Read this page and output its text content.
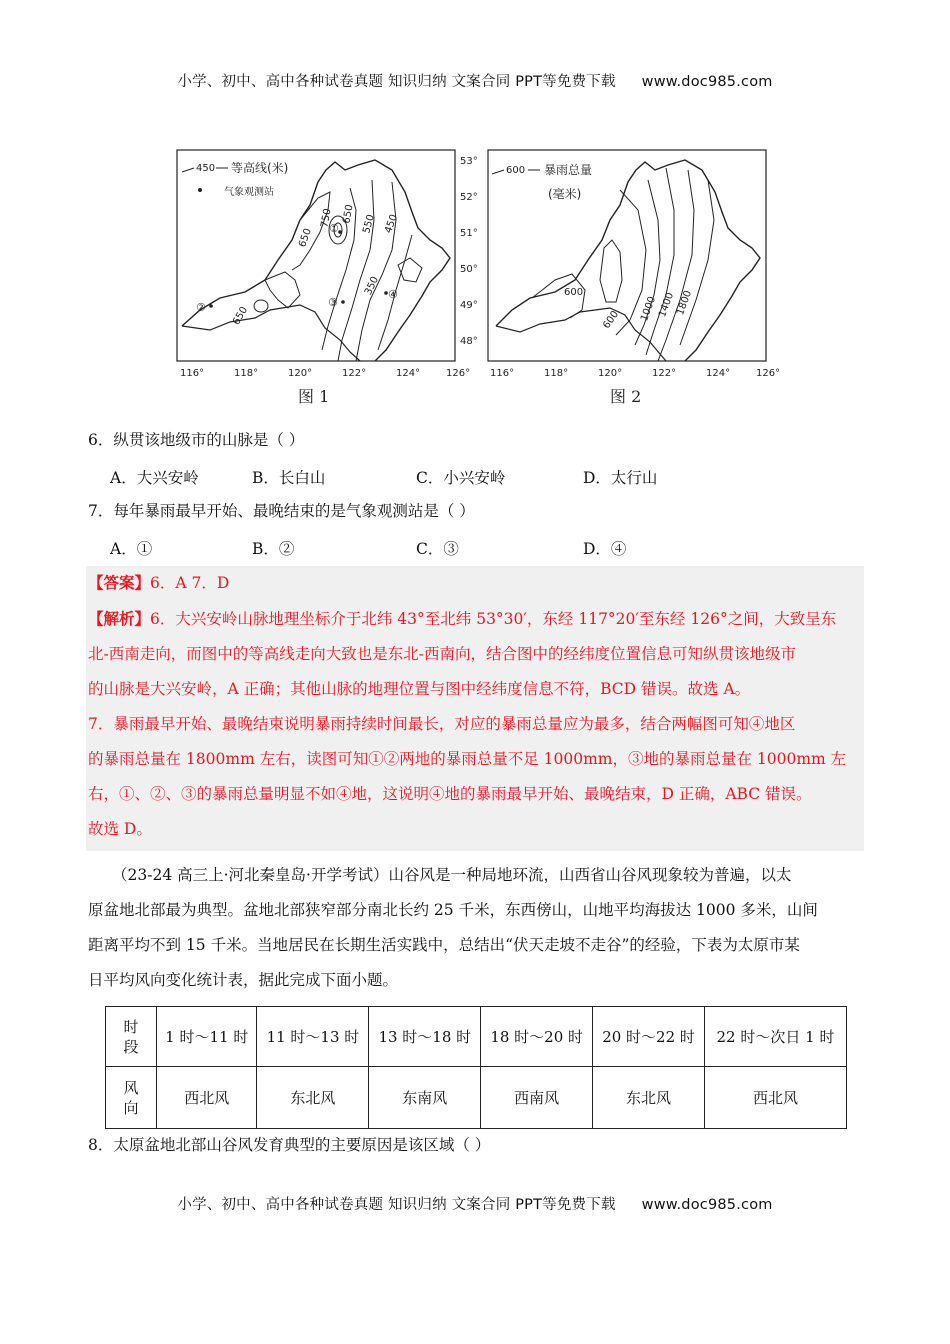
小学、初中、高中各种试卷真题 知识归纳 文案合同 PPT等免费下载 www.doc985.com
450 等高线(米)
气象观测站
750
650
650 550 450
350
650
①
②	③
④
600 暴雨总量
(毫米)
600
600 1000
1400
1800
116°	118°	120°	122°	124°	126° 116°	118°	120°	122°	124°	126°
53°
52°
51°
50°
49°
48°
图 1	图 2
6．纵贯该地级市的山脉是（ ）
A．大兴安岭	B．长白山	C．小兴安岭	D．太行山
7．每年暴雨最早开始、最晚结束的是气象观测站是（ ）
A．①	B．②	C．③	D．④

【答案】6．A 7．D

【解析】6．大兴安岭山脉地理坐标介于北纬 43°至北纬 53°30′，东经 117°20′至东经 126°之间，大致呈东

北-西南走向，而图中的等高线走向大致也是东北-西南向，结合图中的经纬度位置信息可知纵贯该地级市

的山脉是大兴安岭，A 正确；其他山脉的地理位置与图中经纬度信息不符，BCD 错误。故选 A。

7．暴雨最早开始、最晚结束说明暴雨持续时间最长，对应的暴雨总量应为最多，结合两幅图可知④地区

的暴雨总量在 1800mm 左右，读图可知①②两地的暴雨总量不足 1000mm，③地的暴雨总量在 1000mm 左

右，①、②、③的暴雨总量明显不如④地，这说明④地的暴雨最早开始、最晚结束，D 正确，ABC 错误。

故选 D。

（23-24 高三上·河北秦皇岛·开学考试）山谷风是一种局地环流，山西省山谷风现象较为普遍，以太

原盆地北部最为典型。盆地北部狭窄部分南北长约 25 千米，东西傍山，山地平均海拔达 1000 多米，山间

距离平均不到 15 千米。当地居民在长期生活实践中，总结出“伏天走坡不走谷”的经验，下表为太原市某

日平均风向变化统计表，据此完成下面小题。

时
段	1 时～11 时	11 时～13 时	13 时～18 时	18 时～20 时	20 时～22 时	22 时～次日 1 时
风
向	西北风	东北风	东南风	西南风	东北风	西北风
8．太原盆地北部山谷风发育典型的主要原因是该区域（ ）
小学、初中、高中各种试卷真题 知识归纳 文案合同 PPT等免费下载 www.doc985.com
